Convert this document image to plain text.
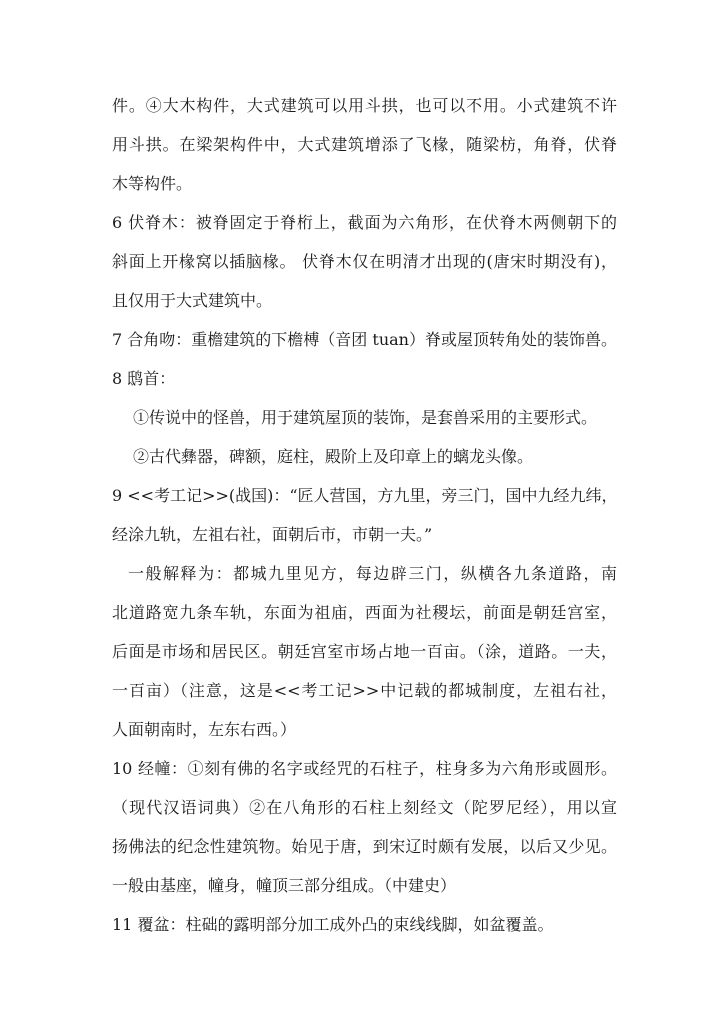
件。④大木构件，大式建筑可以用斗拱，也可以不用。小式建筑不许
用斗拱。在梁架构件中，大式建筑增添了飞椽，随梁枋，角脊，伏脊
木等构件。
6 伏脊木：被脊固定于脊桁上，截面为六角形，在伏脊木两侧朝下的
斜面上开椽窝以插脑椽。 伏脊木仅在明清才出现的(唐宋时期没有)，
且仅用于大式建筑中。
7 合角吻：重檐建筑的下檐榑（音团 tuan）脊或屋顶转角处的装饰兽。
8 鸱首：
①传说中的怪兽，用于建筑屋顶的装饰，是套兽采用的主要形式。
②古代彝器，碑额，庭柱，殿阶上及印章上的螭龙头像。
9 <<考工记>>(战国)：“匠人营国，方九里，旁三门，国中九经九纬，
经涂九轨，左祖右社，面朝后市，市朝一夫。”
一般解释为：都城九里见方，每边辟三门，纵横各九条道路，南
北道路宽九条车轨，东面为祖庙，西面为社稷坛，前面是朝廷宫室，
后面是市场和居民区。朝廷宫室市场占地一百亩。（涂，道路。一夫，
一百亩）（注意，这是<<考工记>>中记载的都城制度，左祖右社，
人面朝南时，左东右西。）
10 经幢：①刻有佛的名字或经咒的石柱子，柱身多为六角形或圆形。
（现代汉语词典）②在八角形的石柱上刻经文（陀罗尼经），用以宣
扬佛法的纪念性建筑物。始见于唐，到宋辽时颇有发展，以后又少见。
一般由基座，幢身，幢顶三部分组成。（中建史）
11 覆盆：柱础的露明部分加工成外凸的束线线脚，如盆覆盖。
